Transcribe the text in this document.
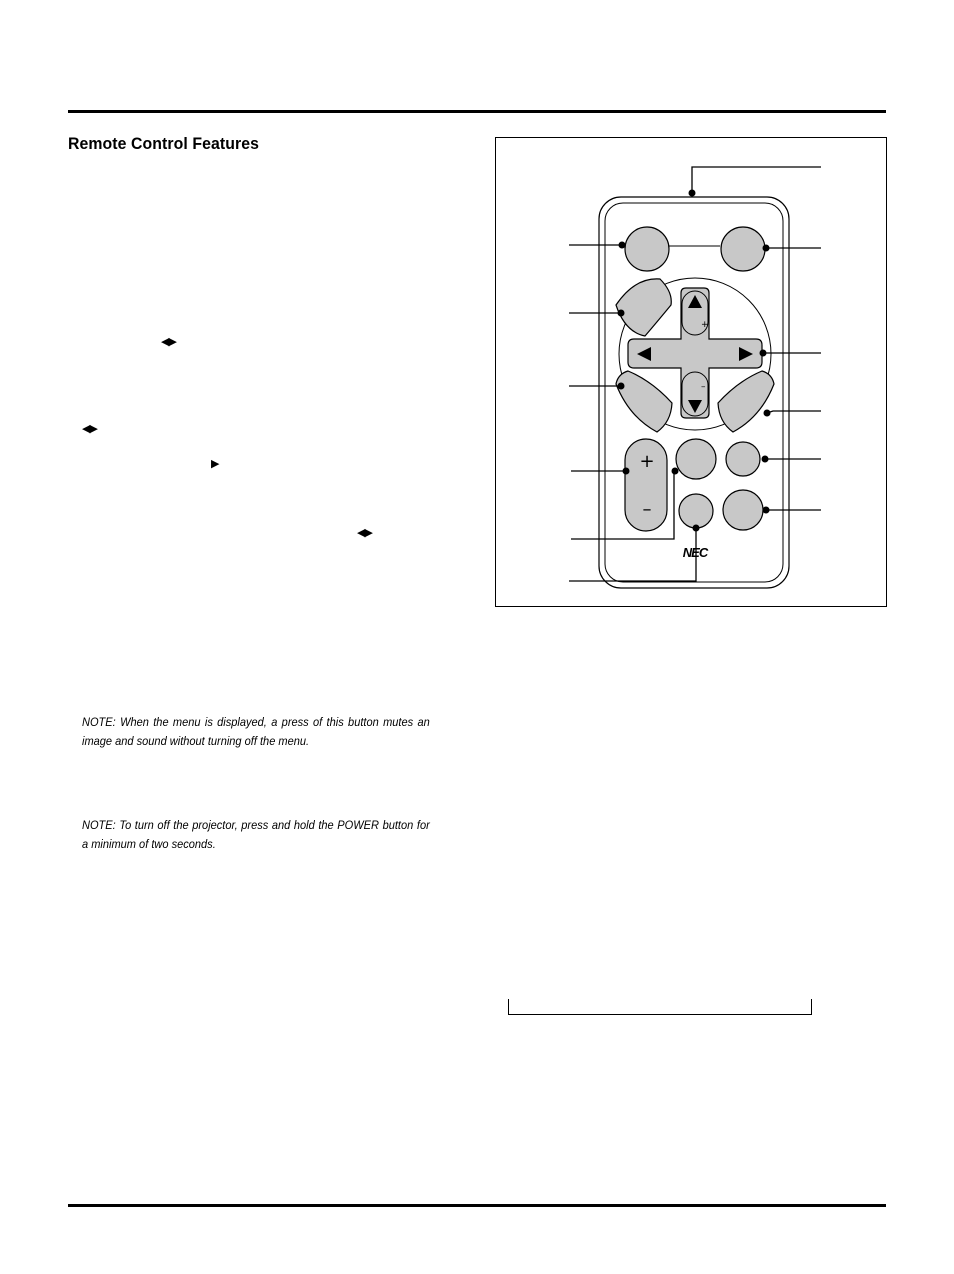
Remote Control Features
◀▶
◀▶
▶
◀▶

NOTE: When the menu is displayed, a press of this button mutes an image and sound without turning off the menu.

NOTE: To turn off the projector, press and hold the POWER button for a minimum of two seconds.

+
–
+
–
NEC
